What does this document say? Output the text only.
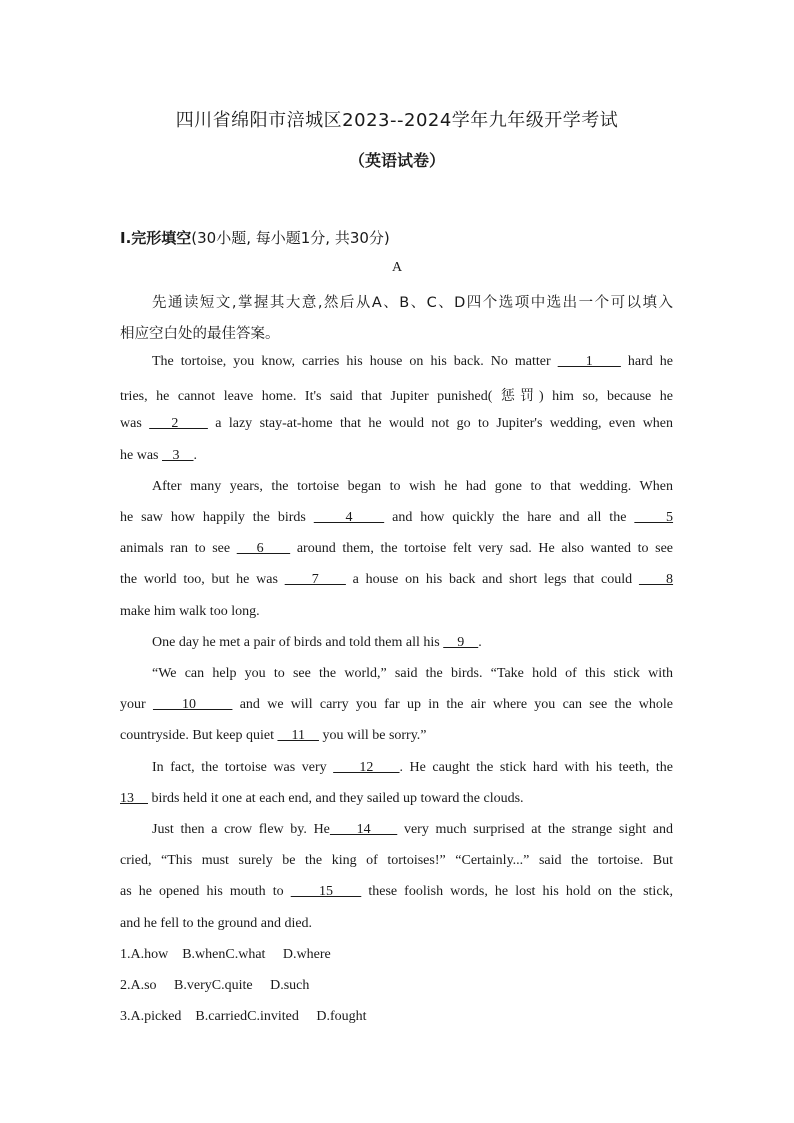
四川省绵阳市涪城区2023--2024学年九年级开学考试
（英语试卷）
Ⅰ.完形填空(30小题, 每小题1分, 共30分)
A
先通读短文,掌握其大意,然后从A、B、C、D四个选项中选出一个可以填入
相应空白处的最佳答案。
The tortoise, you know, carries his house on his back. No matter     1     hard he
tries, he cannot leave home. It's said that Jupiter punished( 惩罚) him so, because he
was    2     a lazy stay-at-home that he would not go to Jupiter's wedding, even when
he was    3    .
After many years, the tortoise began to wish he had gone to that wedding. When
he saw how happily the birds     4     and how quickly the hare and all the     5
animals ran to see    6     around them, the tortoise felt very sad. He also wanted to see
the world too, but he was     7     a house on his back and short legs that could     8
make him walk too long.
One day he met a pair of birds and told them all his     9    .
“We can help you to see the world,” said the birds. “Take hold of this stick with
your     10      and we will carry you far up in the air where you can see the whole
countryside. But keep quiet     11     you will be sorry.”
In fact, the tortoise was very     12    . He caught the stick hard with his teeth, the
13     birds held it one at each end, and they sailed up toward the clouds.
Just then a crow flew by. He    14     very much surprised at the strange sight and
cried, “This must surely be the king of tortoises!” “Certainly...” said the tortoise. But
as he opened his mouth to     15     these foolish words, he lost his hold on the stick,
and he fell to the ground and died.
1.A.how    B.whenC.what     D.where
2.A.so     B.veryC.quite     D.such
3.A.picked    B.carriedC.invited     D.fought
